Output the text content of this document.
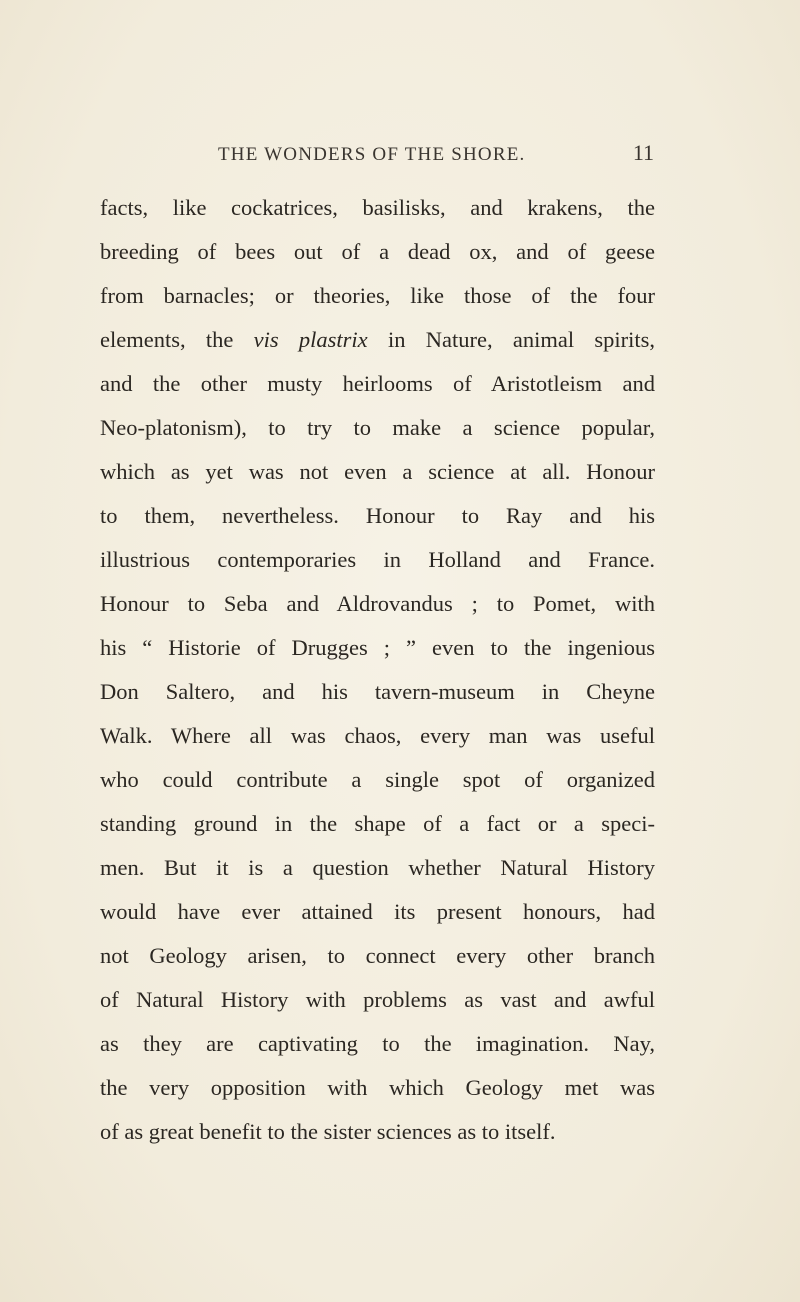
THE WONDERS OF THE SHORE.	11
facts, like cockatrices, basilisks, and krakens, the
breeding of bees out of a dead ox, and of geese
from barnacles; or theories, like those of the four
elements, the vis plastrix in Nature, animal spirits,
and the other musty heirlooms of Aristotleism and
Neo-platonism), to try to make a science popular,
which as yet was not even a science at all. Honour
to them, nevertheless. Honour to Ray and his
illustrious contemporaries in Holland and France.
Honour to Seba and Aldrovandus ; to Pomet, with
his “ Historie of Drugges ; ” even to the ingenious
Don Saltero, and his tavern-museum in Cheyne
Walk. Where all was chaos, every man was useful
who could contribute a single spot of organized
standing ground in the shape of a fact or a speci-
men. But it is a question whether Natural History
would have ever attained its present honours, had
not Geology arisen, to connect every other branch
of Natural History with problems as vast and awful
as they are captivating to the imagination. Nay,
the very opposition with which Geology met was
of as great benefit to the sister sciences as to itself.
